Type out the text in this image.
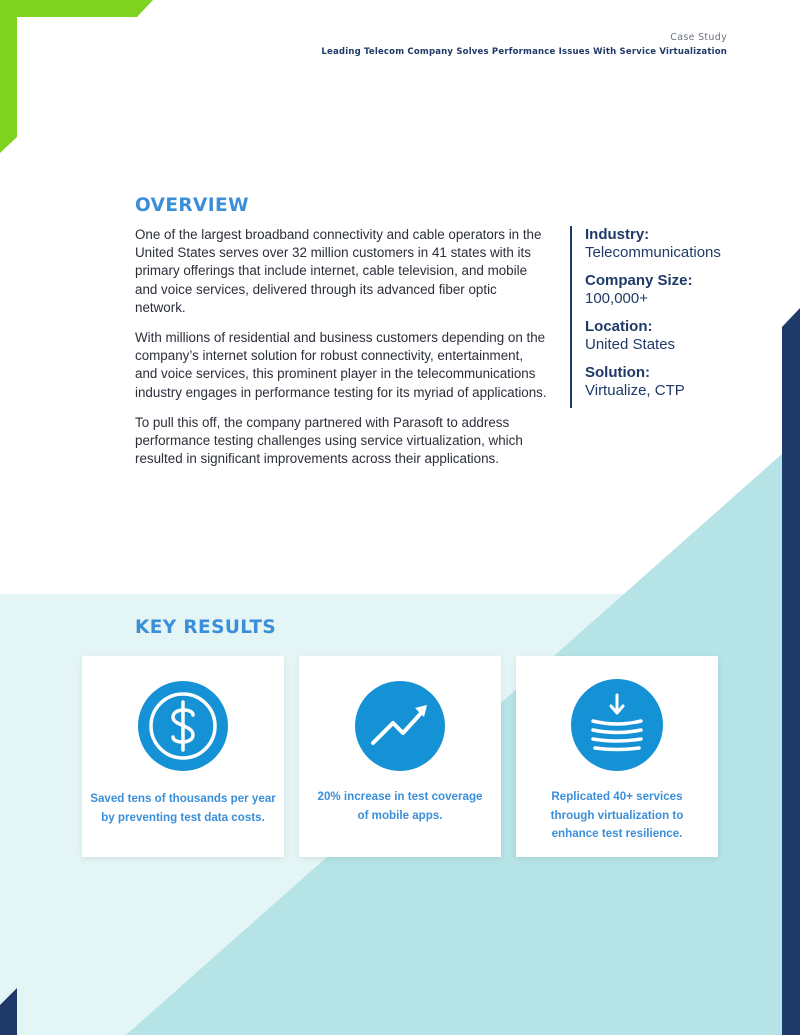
Case Study
Leading Telecom Company Solves Performance Issues With Service Virtualization
OVERVIEW

One of the largest broadband connectivity and cable operators in the United States serves over 32 million customers in 41 states with its primary offerings that include internet, cable television, and mobile and voice services, delivered through its advanced fiber optic network.

With millions of residential and business customers depending on the company’s internet solution for robust connectivity, entertainment, and voice services, this prominent player in the telecommunications industry engages in performance testing for its myriad of applications.

To pull this off, the company partnered with Parasoft to address performance testing challenges using service virtualization, which resulted in significant improvements across their applications.

Industry:
Telecommunications
Company Size:
100,000+
Location:
United States
Solution:
Virtualize, CTP
KEY RESULTS
Saved tens of thousands per year by preventing test data costs.
20% increase in test coverage of mobile apps.
Replicated 40+ services through virtualization to enhance test resilience.
